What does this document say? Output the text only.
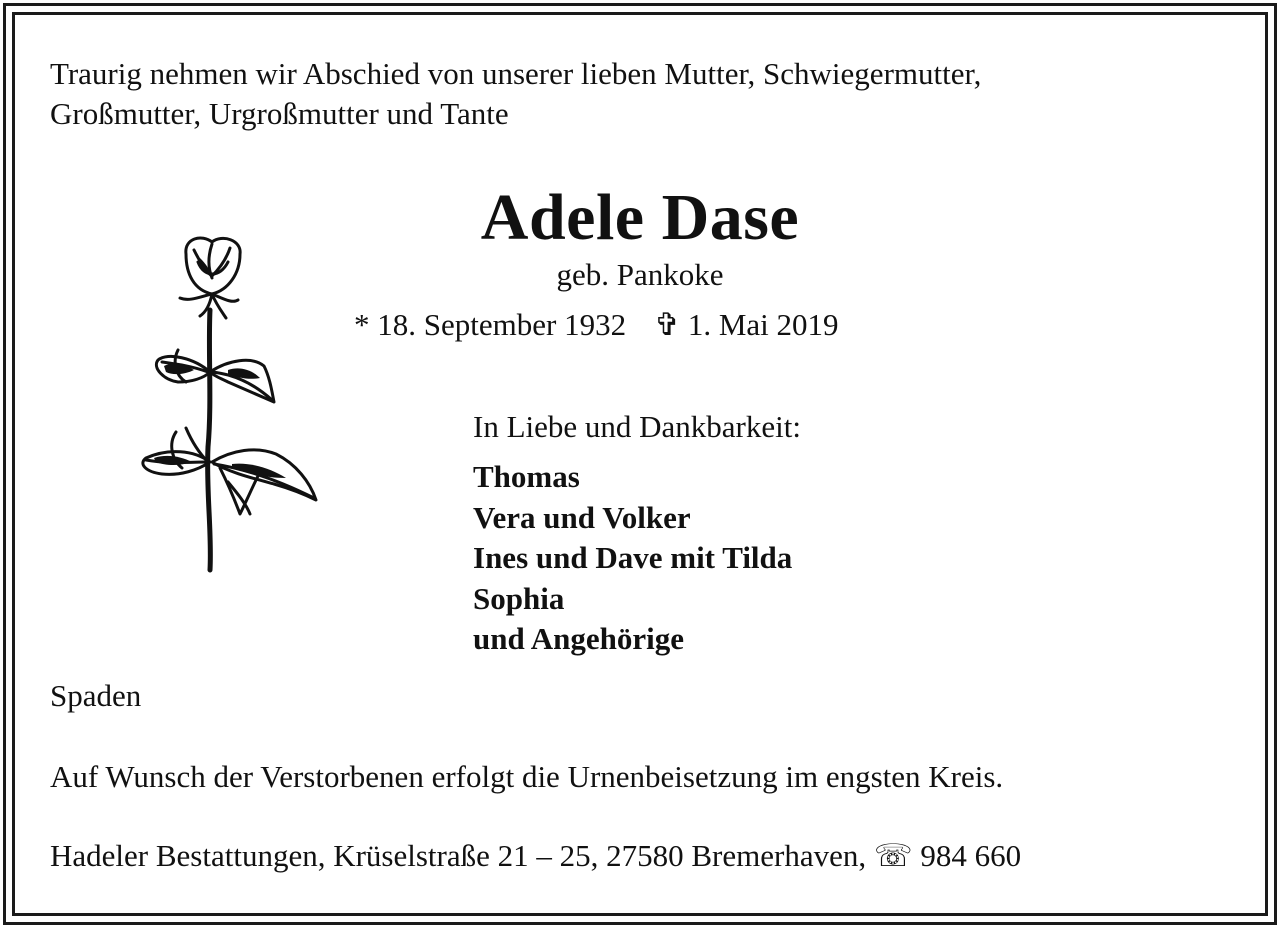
Traurig nehmen wir Abschied von unserer lieben Mutter, Schwiegermutter,
Großmutter, Urgroßmutter und Tante
Adele Dase
geb. Pankoke
* 18. September 1932 ✞ 1. Mai 2019
In Liebe und Dankbarkeit:
Thomas
Vera und Volker
Ines und Dave mit Tilda
Sophia
und Angehörige
Spaden
Auf Wunsch der Verstorbenen erfolgt die Urnenbeisetzung im engsten Kreis.
Hadeler Bestattungen, Krüselstraße 21 – 25, 27580 Bremerhaven, ☏ 984 660
